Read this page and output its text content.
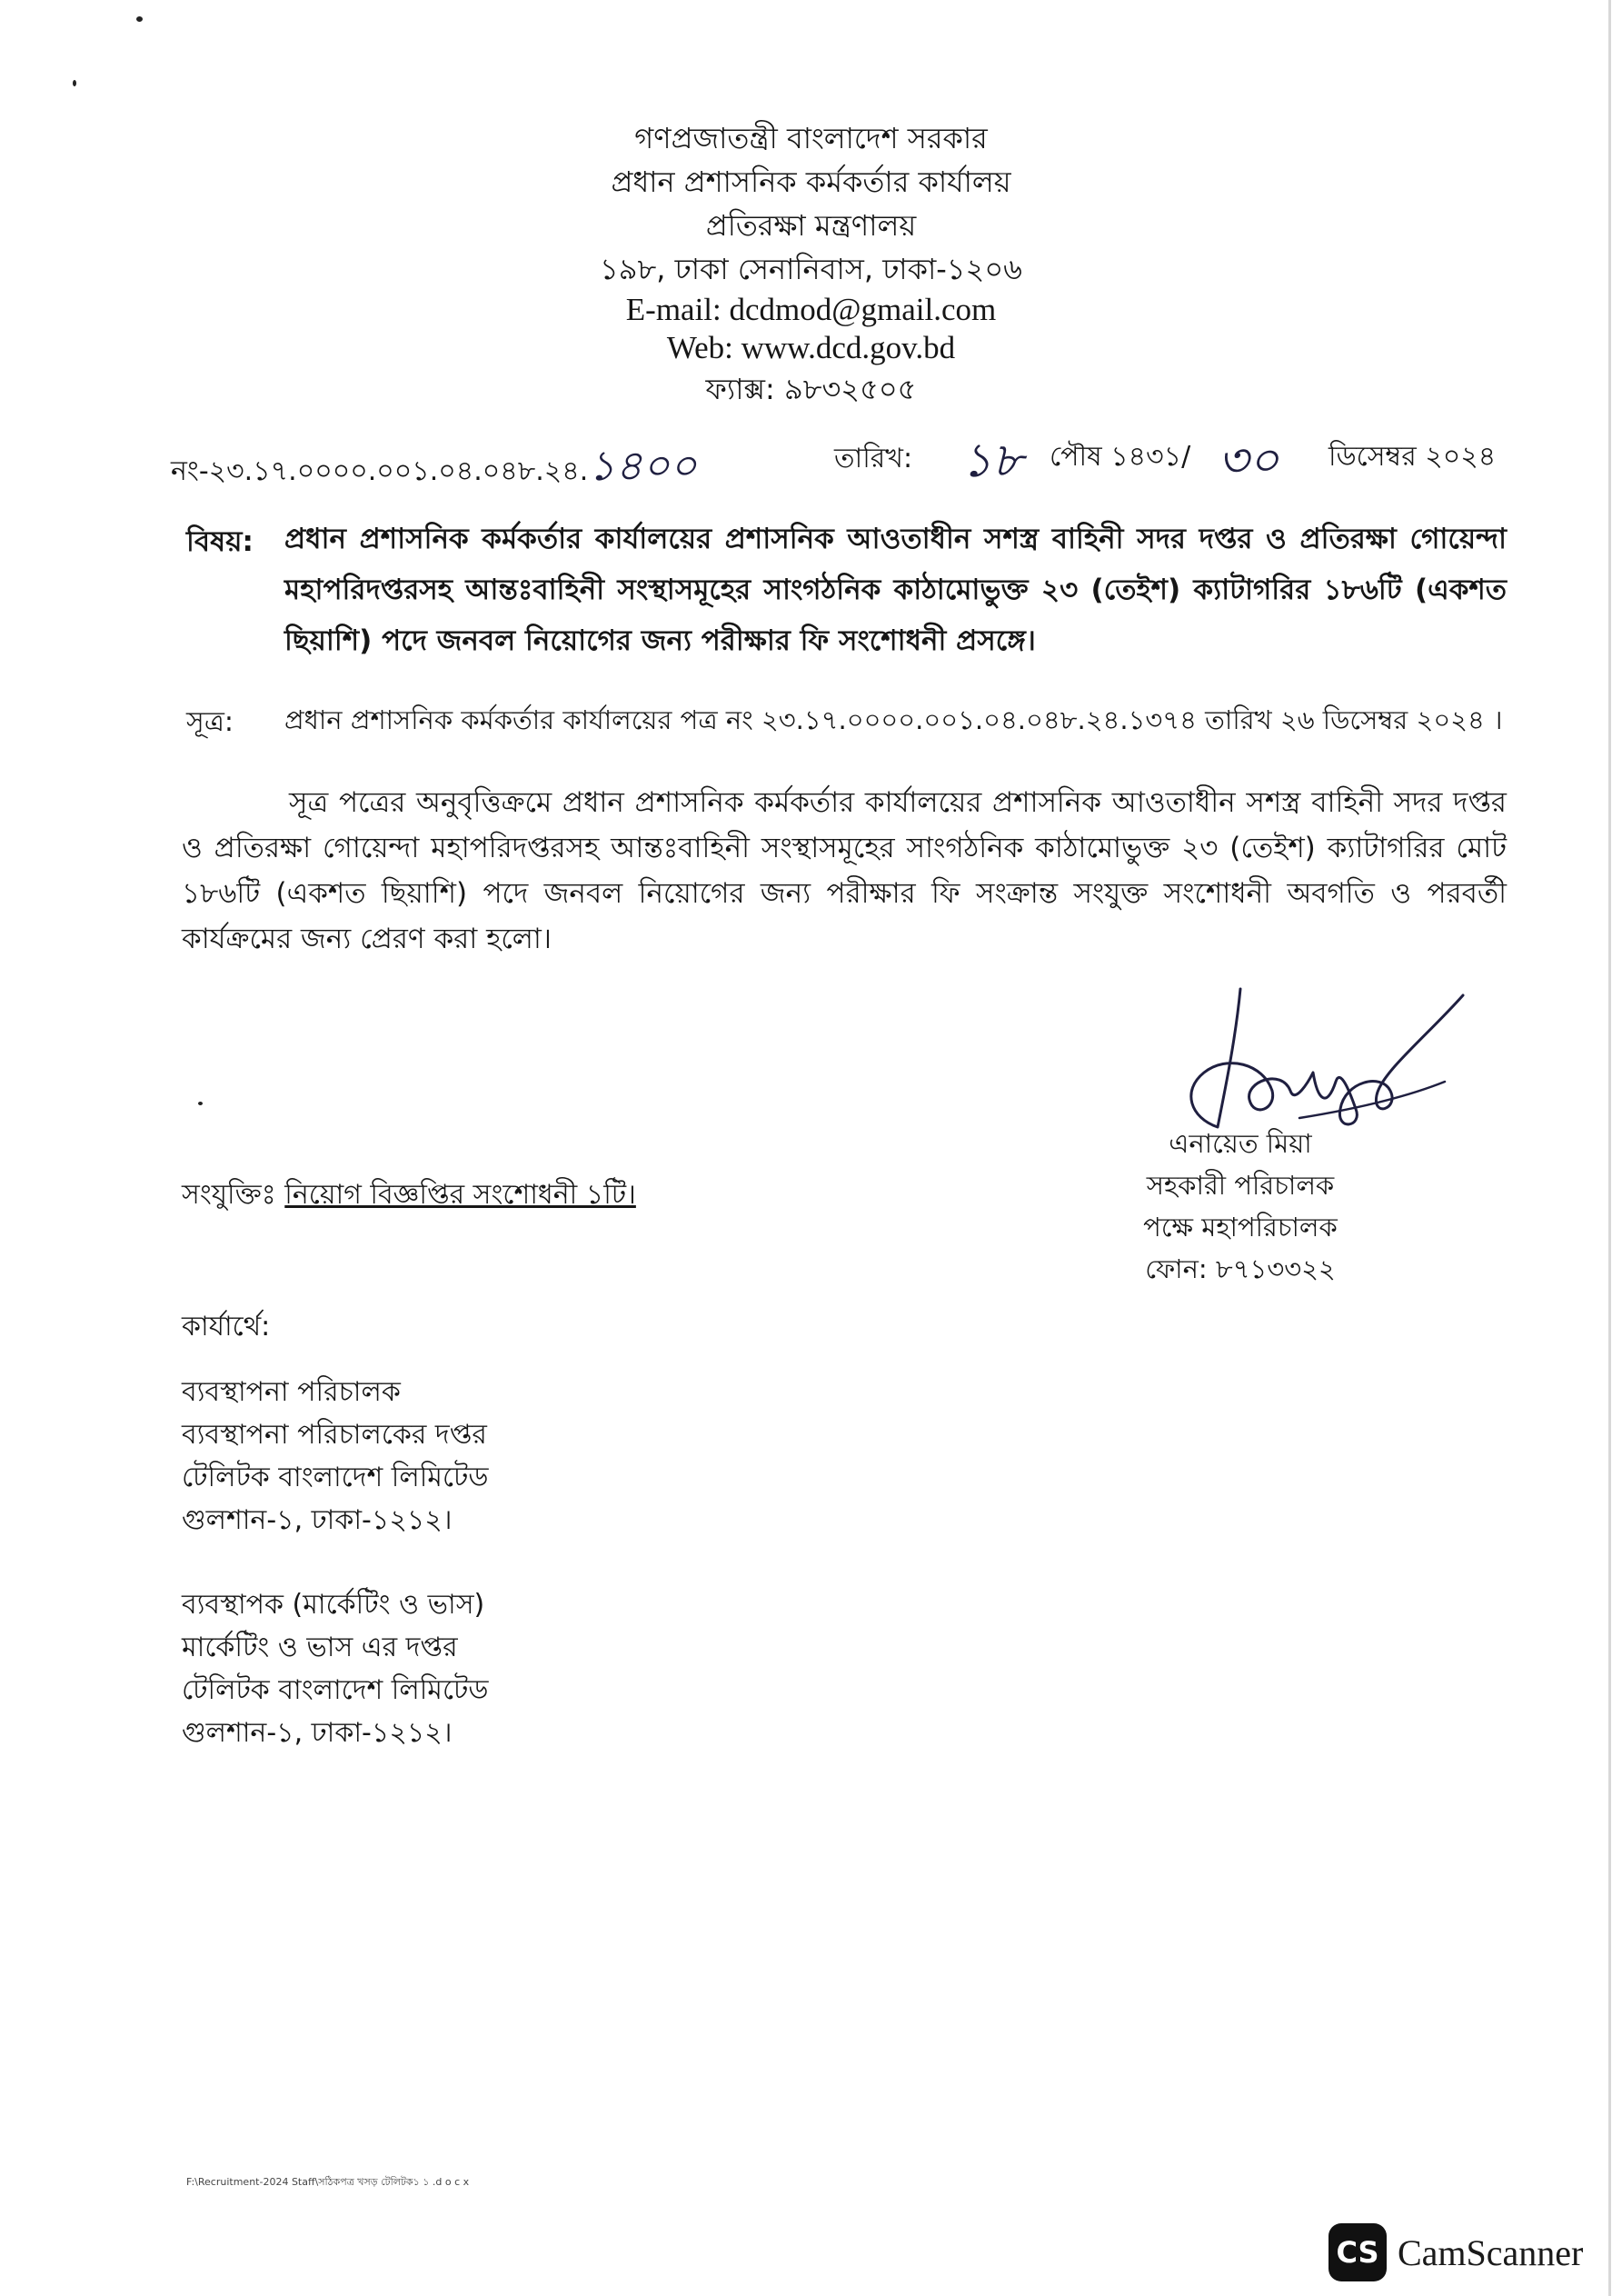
গণপ্রজাতন্ত্রী বাংলাদেশ সরকার
প্রধান প্রশাসনিক কর্মকর্তার কার্যালয়
প্রতিরক্ষা মন্ত্রণালয়
১৯৮, ঢাকা সেনানিবাস, ঢাকা-১২০৬
E-mail: dcdmod@gmail.com
Web: www.dcd.gov.bd
ফ্যাক্স: ৯৮৩২৫০৫
নং-২৩.১৭.০০০০.০০১.০৪.০৪৮.২৪.১৪০০	তারিখ: ১৮ পৌষ ১৪৩১/ ৩০ ডিসেম্বর ২০২৪
বিষয়: প্রধান প্রশাসনিক কর্মকর্তার কার্যালয়ের প্রশাসনিক আওতাধীন সশস্ত্র বাহিনী সদর দপ্তর ও প্রতিরক্ষা গোয়েন্দা মহাপরিদপ্তরসহ আন্তঃবাহিনী সংস্থাসমূহের সাংগঠনিক কাঠামোভুক্ত ২৩ (তেইশ) ক্যাটাগরির ১৮৬টি (একশত ছিয়াশি) পদে জনবল নিয়োগের জন্য পরীক্ষার ফি সংশোধনী প্রসঙ্গে।
সূত্র: প্রধান প্রশাসনিক কর্মকর্তার কার্যালয়ের পত্র নং ২৩.১৭.০০০০.০০১.০৪.০৪৮.২৪.১৩৭৪ তারিখ ২৬ ডিসেম্বর ২০২৪ ।
সূত্র পত্রের অনুবৃত্তিক্রমে প্রধান প্রশাসনিক কর্মকর্তার কার্যালয়ের প্রশাসনিক আওতাধীন সশস্ত্র বাহিনী সদর দপ্তর ও প্রতিরক্ষা গোয়েন্দা মহাপরিদপ্তরসহ আন্তঃবাহিনী সংস্থাসমূহের সাংগঠনিক কাঠামোভুক্ত ২৩ (তেইশ) ক্যাটাগরির মোট ১৮৬টি (একশত ছিয়াশি) পদে জনবল নিয়োগের জন্য পরীক্ষার ফি সংক্রান্ত সংযুক্ত সংশোধনী অবগতি ও পরবর্তী কার্যক্রমের জন্য প্রেরণ করা হলো।
এনায়েত মিয়া
সহকারী পরিচালক
পক্ষে মহাপরিচালক
ফোন: ৮৭১৩৩২২
সংযুক্তিঃ নিয়োগ বিজ্ঞপ্তির সংশোধনী ১টি।
কার্যার্থে:
ব্যবস্থাপনা পরিচালক
ব্যবস্থাপনা পরিচালকের দপ্তর
টেলিটক বাংলাদেশ লিমিটেড
গুলশান-১, ঢাকা-১২১২।
ব্যবস্থাপক (মার্কেটিং ও ভাস)
মার্কেটিং ও ভাস এর দপ্তর
টেলিটক বাংলাদেশ লিমিটেড
গুলশান-১, ঢাকা-১২১২।
F:\Recruitment-2024 Staff\সঠিকপত্র খসড় টেলিটক১ ১ .d o c x
CS CamScanner
